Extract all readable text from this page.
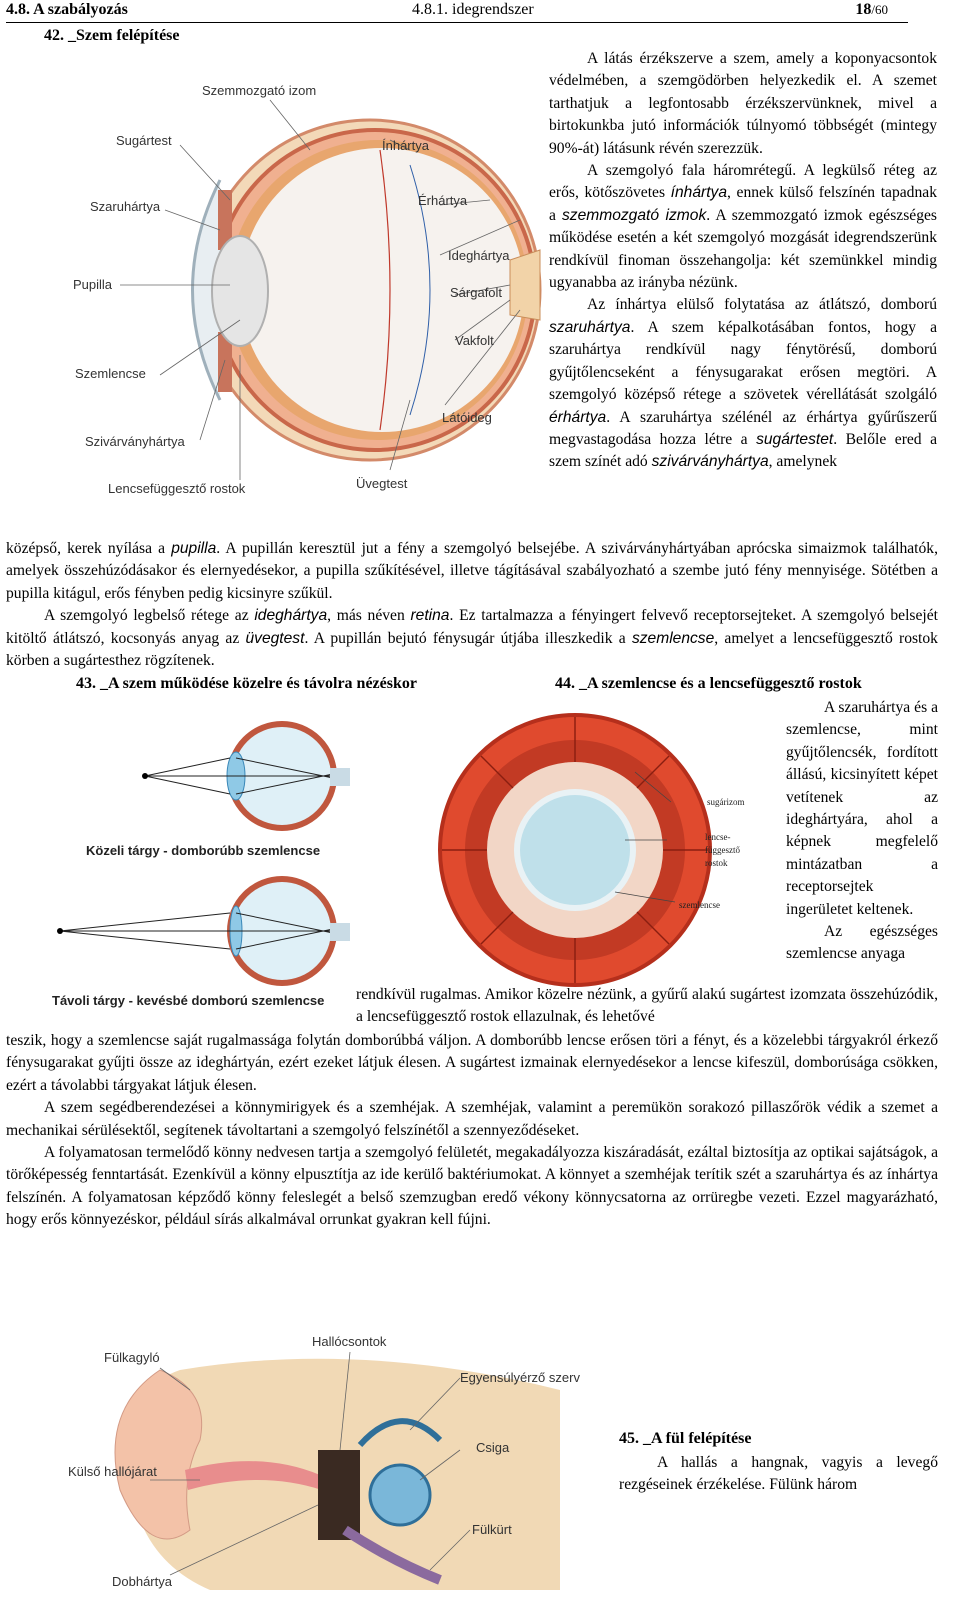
4.8. A szabályozás	4.8.1. idegrendszer	18/60
42. _Szem felépítése
Szemmozgató izom
Sugártest	Ínhártya
Szaruhártya	Érhártya
Ideghártya
Pupilla
Sárgafolt
Vakfolt
Szemlencse
Látóideg
Szivárványhártya
Üvegtest
Lencsefüggesztő rostok

A látás érzékszerve a szem, amely a koponyacsontok védelmében, a szemgödörben helyezkedik el. A szemet tarthatjuk a legfontosabb érzékszervünknek, mivel a birtokunkba jutó információk túlnyomó többségét (mintegy 90%-át) látásunk révén szerezzük.

A szemgolyó fala háromrétegű. A legkülső réteg az erős, kötőszövetes ínhártya, ennek külső felszínén tapadnak a szemmozgató izmok. A szemmozgató izmok egészséges működése esetén a két szemgolyó mozgását idegrendszerünk rendkívül finoman összehangolja: két szemünkkel mindig ugyanabba az irányba nézünk.

Az ínhártya elülső folytatása az átlátszó, domború szaruhártya. A szem képalkotásában fontos, hogy a szaruhártya rendkívül nagy fénytörésű, domború gyűjtőlencseként a fénysugarakat erősen megtöri. A szemgolyó középső rétege a szövetek vérellátását szolgáló érhártya. A szaruhártya szélénél az érhártya gyűrűszerű megvastagodása hozza létre a sugártestet. Belőle ered a szem színét adó szivárványhártya, amelynek

középső, kerek nyílása a pupilla. A pupillán keresztül jut a fény a szemgolyó belsejébe. A szivárványhártyában aprócska simaizmok találhatók, amelyek összehúzódásakor és elernyedésekor, a pupilla szűkítésével, illetve tágításával szabályozható a szembe jutó fény mennyisége. Sötétben a pupilla kitágul, erős fényben pedig kicsinyre szűkül.

A szemgolyó legbelső rétege az ideghártya, más néven retina. Ez tartalmazza a fényingert felvevő receptorsejteket. A szemgolyó belsejét kitöltő átlátszó, kocsonyás anyag az üvegtest. A pupillán bejutó fénysugár útjába illeszkedik a szemlencse, amelyet a lencsefüggesztő rostok körben a sugártesthez rögzítenek.

43. _A szem működése közelre és távolra nézéskor	44. _A szemlencse és a lencsefüggesztő rostok
Közeli tárgy - domborúbb szemlencse
Távoli tárgy - kevésbé domború szemlencse
sugárizom
lencse-
függesztő
rostok
szemlencse

A szaruhártya és a szemlencse, mint gyűjtőlencsék, fordított állású, kicsinyített képet vetítenek az ideghártyára, ahol a képnek megfelelő mintázatban a receptorsejtek ingerületet keltenek.

Az egészséges szemlencse anyaga

rendkívül rugalmas. Amikor közelre nézünk, a gyűrű alakú sugártest izomzata összehúzódik, a lencsefüggesztő rostok ellazulnak, és lehetővé

teszik, hogy a szemlencse saját rugalmassága folytán domborúbbá váljon. A domborúbb lencse erősen töri a fényt, és a közelebbi tárgyakról érkező fénysugarakat gyűjti össze az ideghártyán, ezért ezeket látjuk élesen. A sugártest izmainak elernyedésekor a lencse kifeszül, domborúsága csökken, ezért a távolabbi tárgyakat látjuk élesen.

A szem segédberendezései a könnymirigyek és a szemhéjak. A szemhéjak, valamint a peremükön sorakozó pillaszőrök védik a szemet a mechanikai sérülésektől, segítenek távoltartani a szemgolyó felszínétől a szennyeződéseket.

A folyamatosan termelődő könny nedvesen tartja a szemgolyó felületét, megakadályozza kiszáradását, ezáltal biztosítja az optikai sajátságok, a törőképesség fenntartását. Ezenkívül a könny elpusztítja az ide kerülő baktériumokat. A könnyet a szemhéjak terítik szét a szaruhártya és az ínhártya felszínén. A folyamatosan képződő könny feleslegét a belső szemzugban eredő vékony könnycsatorna az orrüregbe vezeti. Ezzel magyarázható, hogy erős könnyezéskor, például sírás alkalmával orrunkat gyakran kell fújni.

Fülkagyló
Hallócsontok
Egyensúlyérző szerv
Külső hallójárat
Csiga
Fülkürt
Dobhártya
45. _A fül felépítése

A hallás a hangnak, vagyis a levegő rezgéseinek érzékelése. Fülünk három
